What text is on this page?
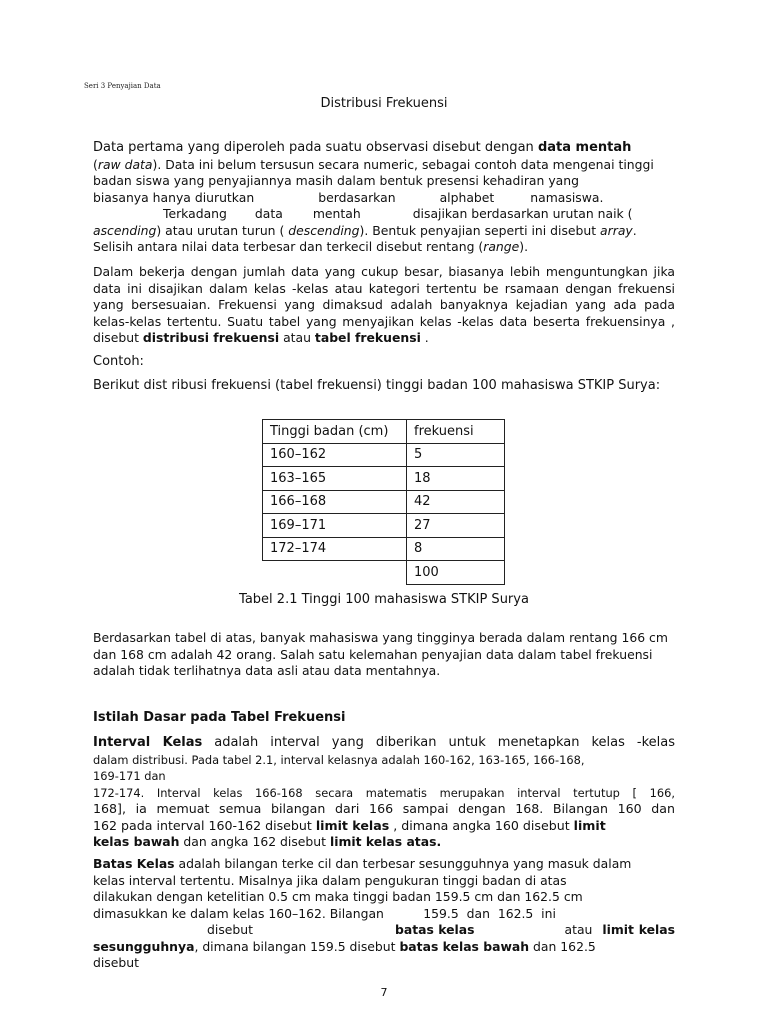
Seri 3 Penyajian Data
Distribusi Frekuensi
Data pertama yang diperoleh pada suatu observasi disebut dengan data mentah
(raw data). Data ini belum tersusun secara numeric, sebagai contoh data mengenai tinggi
badan siswa yang penyajiannya masih dalam bentuk presensi kehadiran yang
biasanya hanya diurutkan	berdasarkan	alphabet	namasiswa.
Terkadang data mentah	disajikan berdasarkan urutan naik (
ascending) atau urutan turun ( descending). Bentuk penyajian seperti ini disebut array.
Selisih antara nilai data terbesar dan terkecil disebut rentang (range).
Dalam bekerja dengan jumlah data yang cukup besar, biasanya lebih menguntungkan jika data ini disajikan dalam kelas -kelas atau kategori tertentu be rsamaan dengan frekuensi yang bersesuaian. Frekuensi yang dimaksud adalah banyaknya kejadian yang ada pada kelas-kelas tertentu. Suatu tabel yang menyajikan kelas -kelas data beserta frekuensinya , disebut distribusi frekuensi atau tabel frekuensi .
Contoh:
Berikut dist ribusi frekuensi (tabel frekuensi) tinggi badan 100 mahasiswa STKIP Surya:
Tinggi badan (cm)	frekuensi
160–162	5
163–165	18
166–168	42
169–171	27
172–174	8
	100
Tabel 2.1 Tinggi 100 mahasiswa STKIP Surya
Berdasarkan tabel di atas, banyak mahasiswa yang tingginya berada dalam rentang 166 cm dan 168 cm adalah 42 orang. Salah satu kelemahan penyajian data dalam tabel frekuensi adalah tidak terlihatnya data asli atau data mentahnya.
Istilah Dasar pada Tabel Frekuensi
Interval Kelas adalah interval yang diberikan untuk menetapkan kelas -kelas
dalam distribusi. Pada tabel 2.1, interval kelasnya adalah 160-162, 163-165, 166-168,
169-171 dan
172-174. Interval kelas 166-168 secara matematis merupakan interval tertutup [ 166,
168], ia memuat semua bilangan dari 166 sampai dengan 168. Bilangan 160 dan
162 pada interval 160-162 disebut limit kelas , dimana angka 160 disebut limit
kelas bawah dan angka 162 disebut limit kelas atas.
Batas Kelas adalah bilangan terke cil dan terbesar sesungguhnya yang masuk dalam
kelas interval tertentu. Misalnya jika dalam pengukuran tinggi badan di atas
dilakukan dengan ketelitian 0.5 cm maka tinggi badan 159.5 cm dan 162.5 cm
dimasukkan ke dalam kelas 160–162. Bilangan          159.5  dan  162.5  ini
disebut	batas kelas	atau limit kelas
sesungguhnya, dimana bilangan 159.5 disebut batas kelas bawah dan 162.5
disebut
7
